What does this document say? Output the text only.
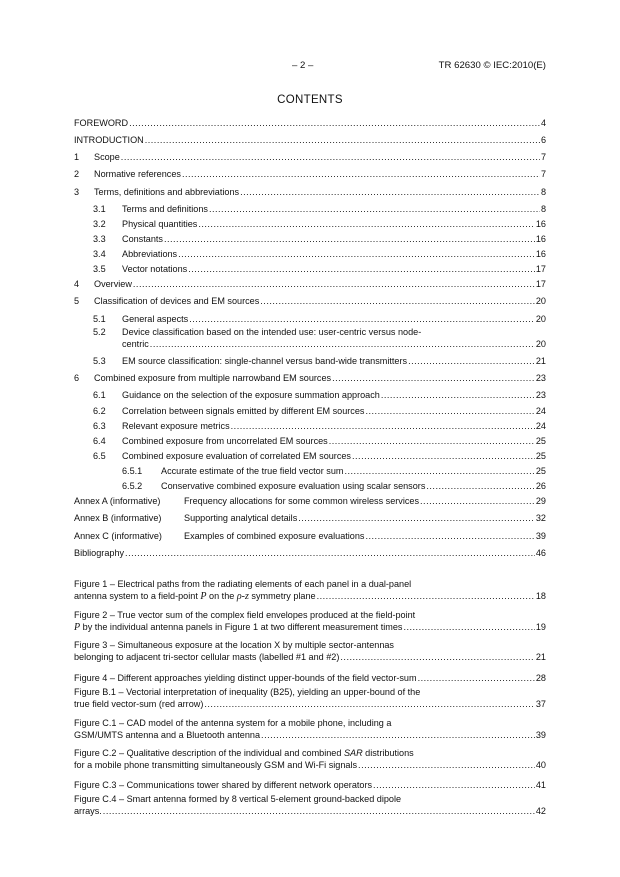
– 2 –	TR 62630 © IEC:2010(E)
CONTENTS
FOREWORD .....	4
INTRODUCTION .....	6
1	Scope .....	7
2	Normative references .....	7
3	Terms, definitions and abbreviations .....	8
3.1	Terms and definitions .....	8
3.2	Physical quantities .....	16
3.3	Constants .....	16
3.4	Abbreviations .....	16
3.5	Vector notations .....	17
4	Overview .....	17
5	Classification of devices and EM sources .....	20
5.1	General aspects .....	20
5.2 Device classification based on the intended use: user-centric versus node-
centric .....	20
5.3	EM source classification: single-channel versus band-wide transmitters .....	21
6	Combined exposure from multiple narrowband EM sources .....	23
6.1	Guidance on the selection of the exposure summation approach .....	23
6.2	Correlation between signals emitted by different EM sources .....	24
6.3	Relevant exposure metrics .....	24
6.4	Combined exposure from uncorrelated EM sources .....	25
6.5	Combined exposure evaluation of correlated EM sources .....	25
6.5.1	Accurate estimate of the true field vector sum .....	25
6.5.2	Conservative combined exposure evaluation using scalar sensors .....	26
Annex A (informative)	Frequency allocations for some common wireless services .....	29
Annex B (informative)	Supporting analytical details .....	32
Annex C (informative)	Examples of combined exposure evaluations .....	39
Bibliography .....	46
Figure 1 – Electrical paths from the radiating elements of each panel in a dual-panel
antenna system to a field-point P on the ρ-z symmetry plane .....	18
Figure 2 – True vector sum of the complex field envelopes produced at the field-point
P by the individual antenna panels in Figure 1 at two different measurement times .....	19
Figure 3 – Simultaneous exposure at the location X by multiple sector-antennas
belonging to adjacent tri-sector cellular masts (labelled #1 and #2) .....	21
Figure 4 – Different approaches yielding distinct upper-bounds of the field vector-sum .....	28
Figure B.1 – Vectorial interpretation of inequality (B25), yielding an upper-bound of the
true field vector-sum (red arrow) .....	37
Figure C.1 – CAD model of the antenna system for a mobile phone, including a
GSM/UMTS antenna and a Bluetooth antenna .....	39
Figure C.2 – Qualitative description of the individual and combined SAR distributions
for a mobile phone transmitting simultaneously GSM and Wi-Fi signals .....	40
Figure C.3 – Communications tower shared by different network operators .....	41
Figure C.4 – Smart antenna formed by 8 vertical 5-element ground-backed dipole
arrays. .....	42
